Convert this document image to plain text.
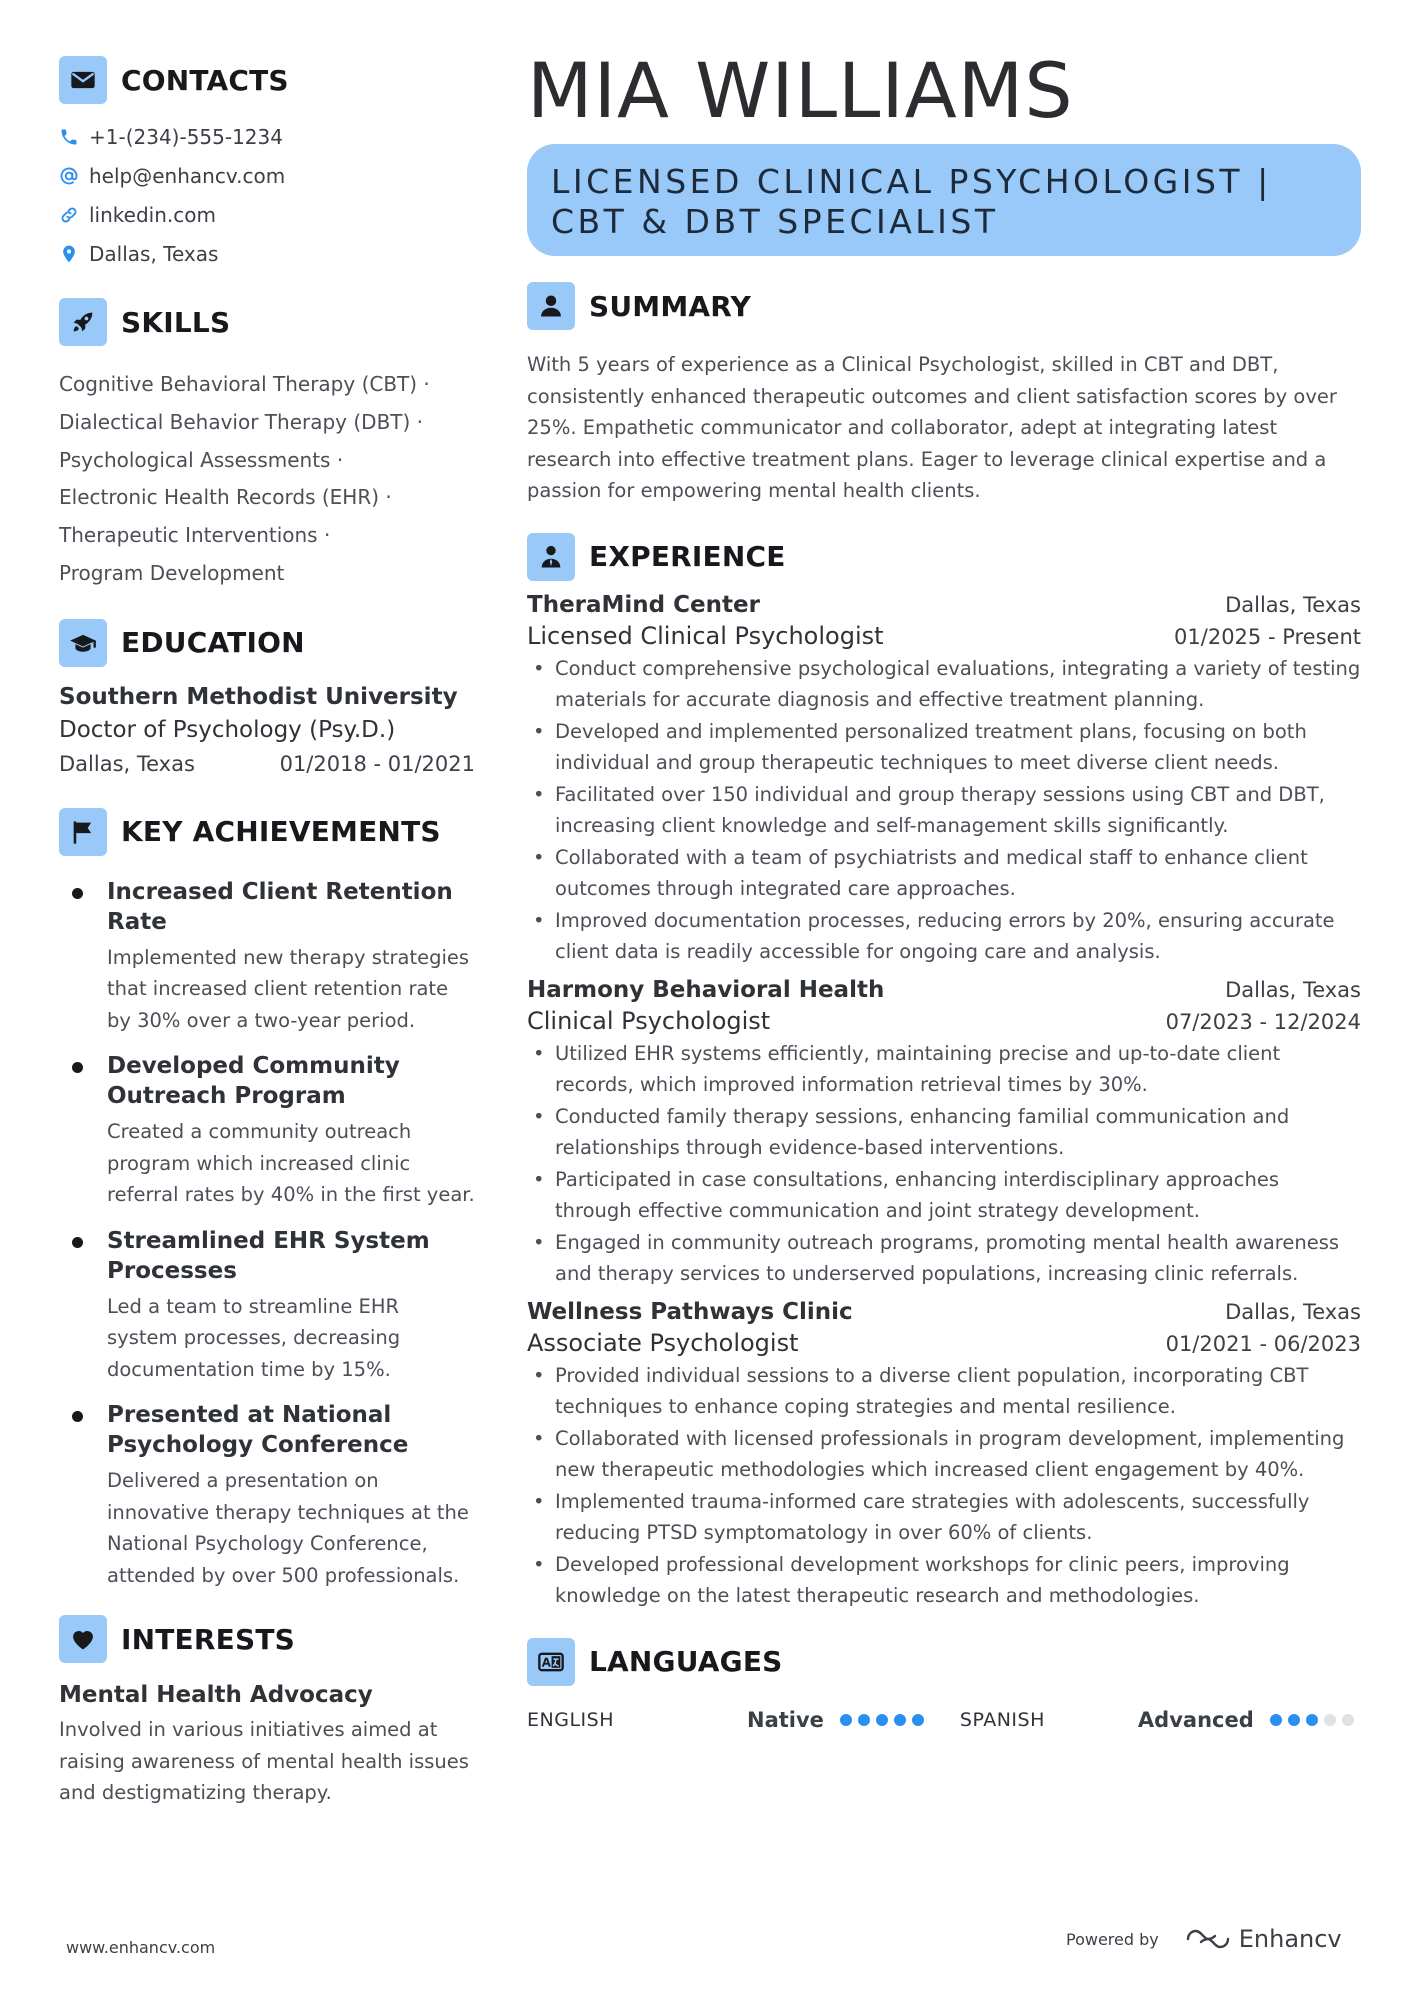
CONTACTS
+1-(234)-555-1234
help@enhancv.com
linkedin.com
Dallas, Texas
SKILLS
Cognitive Behavioral Therapy (CBT) ·
Dialectical Behavior Therapy (DBT) ·
Psychological Assessments ·
Electronic Health Records (EHR) ·
Therapeutic Interventions ·
Program Development
EDUCATION
Southern Methodist University
Doctor of Psychology (Psy.D.)
Dallas, Texas	01/2018 - 01/2021
KEY ACHIEVEMENTS
Increased Client Retention Rate
Implemented new therapy strategies that increased client retention rate by 30% over a two-year period.
Developed Community Outreach Program
Created a community outreach program which increased clinic referral rates by 40% in the first year.
Streamlined EHR System Processes
Led a team to streamline EHR system processes, decreasing documentation time by 15%.
Presented at National Psychology Conference
Delivered a presentation on innovative therapy techniques at the National Psychology Conference, attended by over 500 professionals.
INTERESTS
Mental Health Advocacy
Involved in various initiatives aimed at raising awareness of mental health issues and destigmatizing therapy.
MIA WILLIAMS
LICENSED CLINICAL PSYCHOLOGIST |
CBT & DBT SPECIALIST
SUMMARY
With 5 years of experience as a Clinical Psychologist, skilled in CBT and DBT, consistently enhanced therapeutic outcomes and client satisfaction scores by over 25%. Empathetic communicator and collaborator, adept at integrating latest research into effective treatment plans. Eager to leverage clinical expertise and a passion for empowering mental health clients.
EXPERIENCE
TheraMind Center	Dallas, Texas
Licensed Clinical Psychologist	01/2025 - Present
• Conduct comprehensive psychological evaluations, integrating a variety of testing materials for accurate diagnosis and effective treatment planning.
• Developed and implemented personalized treatment plans, focusing on both individual and group therapeutic techniques to meet diverse client needs.
• Facilitated over 150 individual and group therapy sessions using CBT and DBT, increasing client knowledge and self-management skills significantly.
• Collaborated with a team of psychiatrists and medical staff to enhance client outcomes through integrated care approaches.
• Improved documentation processes, reducing errors by 20%, ensuring accurate client data is readily accessible for ongoing care and analysis.
Harmony Behavioral Health	Dallas, Texas
Clinical Psychologist	07/2023 - 12/2024
• Utilized EHR systems efficiently, maintaining precise and up-to-date client records, which improved information retrieval times by 30%.
• Conducted family therapy sessions, enhancing familial communication and relationships through evidence-based interventions.
• Participated in case consultations, enhancing interdisciplinary approaches through effective communication and joint strategy development.
• Engaged in community outreach programs, promoting mental health awareness and therapy services to underserved populations, increasing clinic referrals.
Wellness Pathways Clinic	Dallas, Texas
Associate Psychologist	01/2021 - 06/2023
• Provided individual sessions to a diverse client population, incorporating CBT techniques to enhance coping strategies and mental resilience.
• Collaborated with licensed professionals in program development, implementing new therapeutic methodologies which increased client engagement by 40%.
• Implemented trauma-informed care strategies with adolescents, successfully reducing PTSD symptomatology in over 60% of clients.
• Developed professional development workshops for clinic peers, improving knowledge on the latest therapeutic research and methodologies.
LANGUAGES
ENGLISH	Native	SPANISH	Advanced
www.enhancv.com	Powered by	Enhancv
